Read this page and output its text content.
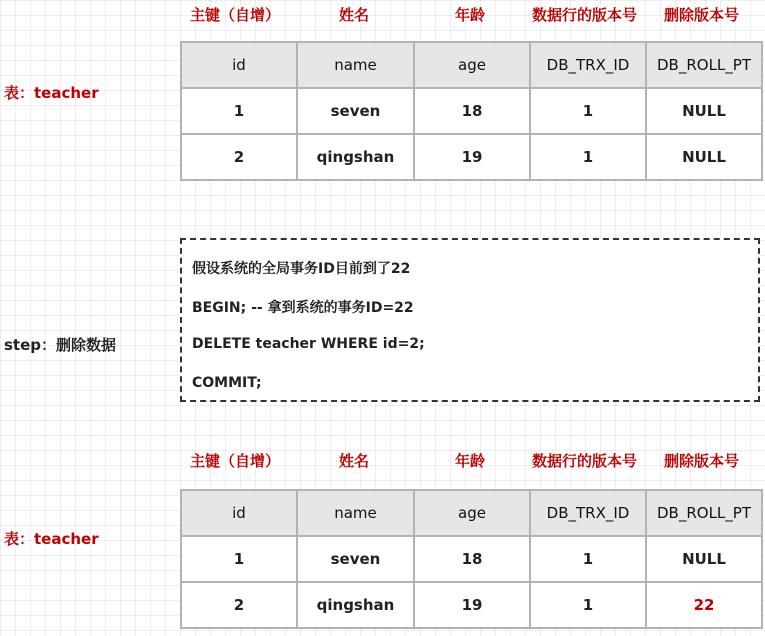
主键（自增）	姓名	年龄	数据行的版本号 删除版本号
表：teacher
id	name	age	DB_TRX_ID	DB_ROLL_PT
1	seven	18	1	NULL
2	qingshan	19	1	NULL
step：删除数据
假设系统的全局事务ID目前到了22
BEGIN; -- 拿到系统的事务ID=22
DELETE teacher WHERE id=2;
COMMIT;
主键（自增）	姓名	年龄	数据行的版本号 删除版本号
表：teacher
id	name	age	DB_TRX_ID	DB_ROLL_PT
1	seven	18	1	NULL
2	qingshan	19	1	22
